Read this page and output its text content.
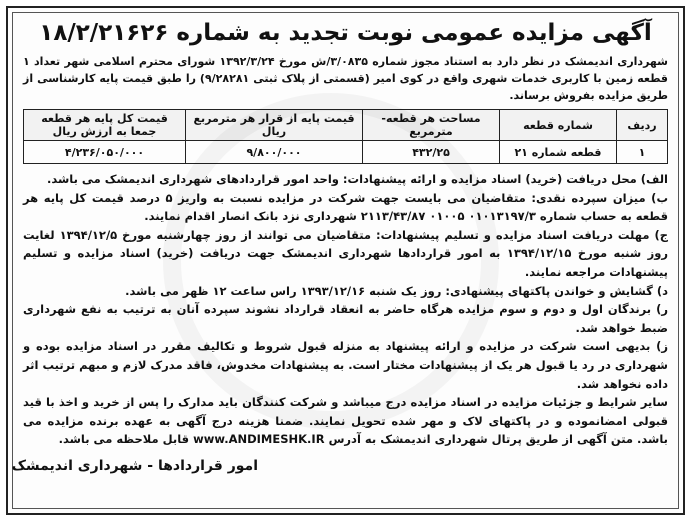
آگهی مزایده عمومی نوبت تجدید به شماره ۱۸/۲/۲۱۶۲۶

شهرداری اندیمشک در نظر دارد به استناد مجوز شماره ۳/۰۸۳۵/ش مورخ ۱۳۹۲/۳/۲۴ شورای محترم اسلامی شهر تعداد ۱ قطعه زمین با کاربری خدمات شهری واقع در کوی امیر (قسمتی از پلاک ثبتی ۹/۲۸۲۸۱) را طبق قیمت پایه کارشناسی از طریق مزایده بفروش برساند.

ردیف	شماره قطعه	مساحت هر قطعه-مترمربع	قیمت پایه از قرار هر مترمربع ریال	قیمت کل پایه هر قطعه جمعا به ارزش ریال
۱	قطعه شماره ۲۱	۴۳۲/۲۵	۹/۸۰۰/۰۰۰	۴/۲۳۶/۰۵۰/۰۰۰

الف) محل دریافت (خرید) اسناد مزایده و ارائه پیشنهادات: واحد امور قراردادهای شهرداری اندیمشک می باشد.

ب) میزان سپرده نقدی: متقاضیان می بایست جهت شرکت در مزایده نسبت به واریز ۵ درصد قیمت کل پایه هر قطعه به حساب شماره ۰۱۰۱۳۱۹۷/۳ ۰۱۰۰۵ ۲۱۱۳/۴۳/۸۷ شهرداری نزد بانک انصار اقدام نمایند.

ج) مهلت دریافت اسناد مزایده و تسلیم پیشنهادات: متقاضیان می توانند از روز چهارشنبه مورخ ۱۳۹۴/۱۲/۵ لغایت روز شنبه مورخ ۱۳۹۴/۱۲/۱۵ به امور قراردادها شهرداری اندیمشک جهت دریافت (خرید) اسناد مزایده و تسلیم پیشنهادات مراجعه نمایند.

د) گشایش و خواندن پاکتهای پیشنهادی: روز یک شنبه ۱۳۹۳/۱۲/۱۶ راس ساعت ۱۲ ظهر می باشد.

ر) برندگان اول و دوم و سوم مزایده هرگاه حاضر به انعقاد قرارداد نشوند سپرده آنان به ترتیب به نفع شهرداری ضبط خواهد شد.

ز) بدیهی است شرکت در مزایده و ارائه پیشنهاد به منزله قبول شروط و تکالیف مقرر در اسناد مزایده بوده و شهرداری در رد یا قبول هر یک از پیشنهادات مختار است. به پیشنهادات مخدوش، فاقد مدرک لازم و مبهم ترتیب اثر داده نخواهد شد.

سایر شرایط و جزئیات مزایده در اسناد مزایده درج میباشد و شرکت کنندگان باید مدارک را پس از خرید و اخذ با قید قبولی امضانموده و در پاکتهای لاک و مهر شده تحویل نمایند. ضمنا هزینه درج آگهی به عهده برنده مزایده می باشد. متن آگهی از طریق پرتال شهرداری اندیمشک به آدرس www.ANDIMESHK.IR قابل ملاحظه می باشد.

امور قراردادها - شهرداری اندیمشک
